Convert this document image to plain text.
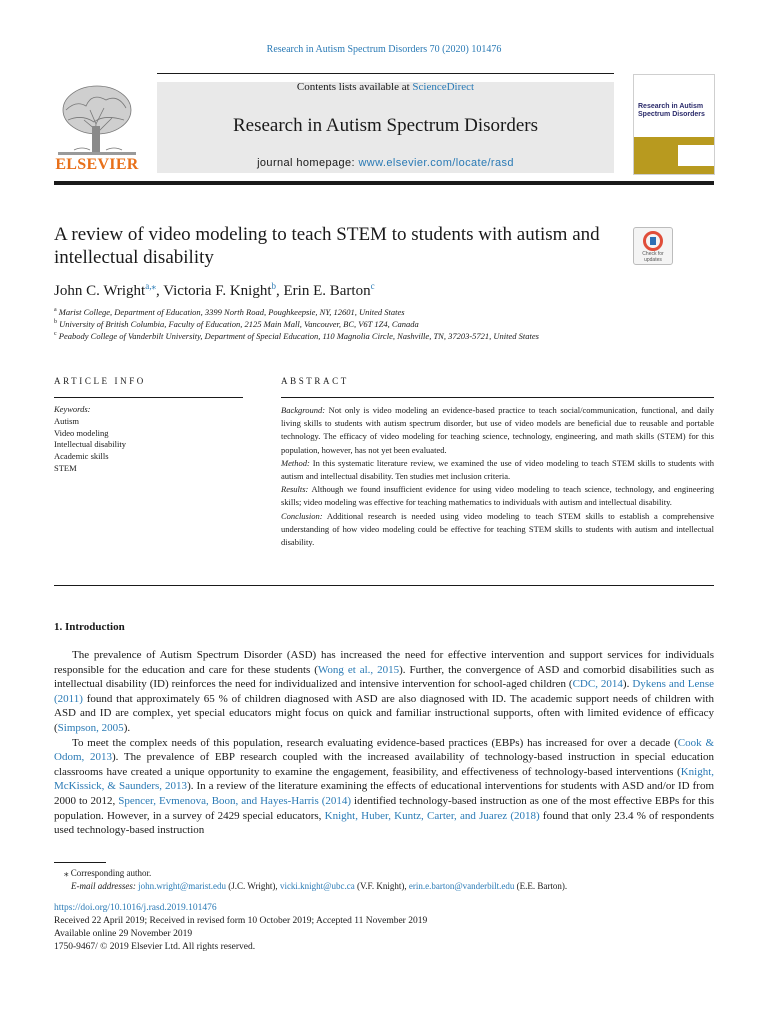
Research in Autism Spectrum Disorders 70 (2020) 101476
ELSEVIER
Contents lists available at ScienceDirect
Research in Autism Spectrum Disorders
journal homepage: www.elsevier.com/locate/rasd
Research in Autism Spectrum Disorders
A review of video modeling to teach STEM to students with autism and intellectual disability	Check for updates
John C. Wright$^{a,⁎}$, Victoria F. Knight$^b$, Erin E. Barton$^c$
$^a$ Marist College, Department of Education, 3399 North Road, Poughkeepsie, NY, 12601, United States
$^b$ University of British Columbia, Faculty of Education, 2125 Main Mall, Vancouver, BC, V6T 1Z4, Canada
$^c$ Peabody College of Vanderbilt University, Department of Special Education, 110 Magnolia Circle, Nashville, TN, 37203-5721, United States
ARTICLE INFO	ABSTRACT
Keywords:
Autism
Video modeling
Intellectual disability
Academic skills
STEM

Background: Not only is video modeling an evidence-based practice to teach social/communication, functional, and daily living skills to students with autism spectrum disorder, but use of video models are beneficial due to reusable and portable technology. The efficacy of video modeling for teaching science, technology, engineering, and math skills (STEM) for this population, however, has not yet been evaluated.

Method: In this systematic literature review, we examined the use of video modeling to teach STEM skills to students with autism and intellectual disability. Ten studies met inclusion criteria.

Results: Although we found insufficient evidence for using video modeling to teach science, technology, and engineering skills; video modeling was effective for teaching mathematics to individuals with autism and intellectual disability.

Conclusion: Additional research is needed using video modeling to teach STEM skills to establish a comprehensive understanding of how video modeling could be effective for teaching STEM skills to students with autism and intellectual disability.

1. Introduction

The prevalence of Autism Spectrum Disorder (ASD) has increased the need for effective intervention and support services for individuals responsible for the education and care for these students (Wong et al., 2015). Further, the convergence of ASD and comorbid disabilities such as intellectual disability (ID) reinforces the need for individualized and intensive intervention for school-aged children (CDC, 2014). Dykens and Lense (2011) found that approximately 65 % of children diagnosed with ASD are also diagnosed with ID. The academic support needs of children with ASD and ID are complex, yet special educators might focus on quick and familiar instructional supports, often with limited evidence of efficacy (Simpson, 2005).

To meet the complex needs of this population, research evaluating evidence-based practices (EBPs) has increased for over a decade (Cook & Odom, 2013). The prevalence of EBP research coupled with the increased availability of technology-based instruction in special education classrooms have created a unique opportunity to examine the engagement, feasibility, and effectiveness of technology-based interventions (Knight, McKissick, & Saunders, 2013). In a review of the literature examining the effects of educational interventions for students with ASD and/or ID from 2000 to 2012, Spencer, Evmenova, Boon, and Hayes-Harris (2014) identified technology-based instruction as one of the most effective EBPs for this population. However, in a survey of 2429 special educators, Knight, Huber, Kuntz, Carter, and Juarez (2018) found that only 23.4 % of respondents used technology-based instruction

⁎ Corresponding author.
E-mail addresses: john.wright@marist.edu (J.C. Wright), vicki.knight@ubc.ca (V.F. Knight), erin.e.barton@vanderbilt.edu (E.E. Barton).
https://doi.org/10.1016/j.rasd.2019.101476
Received 22 April 2019; Received in revised form 10 October 2019; Accepted 11 November 2019
Available online 29 November 2019
1750-9467/ © 2019 Elsevier Ltd. All rights reserved.
